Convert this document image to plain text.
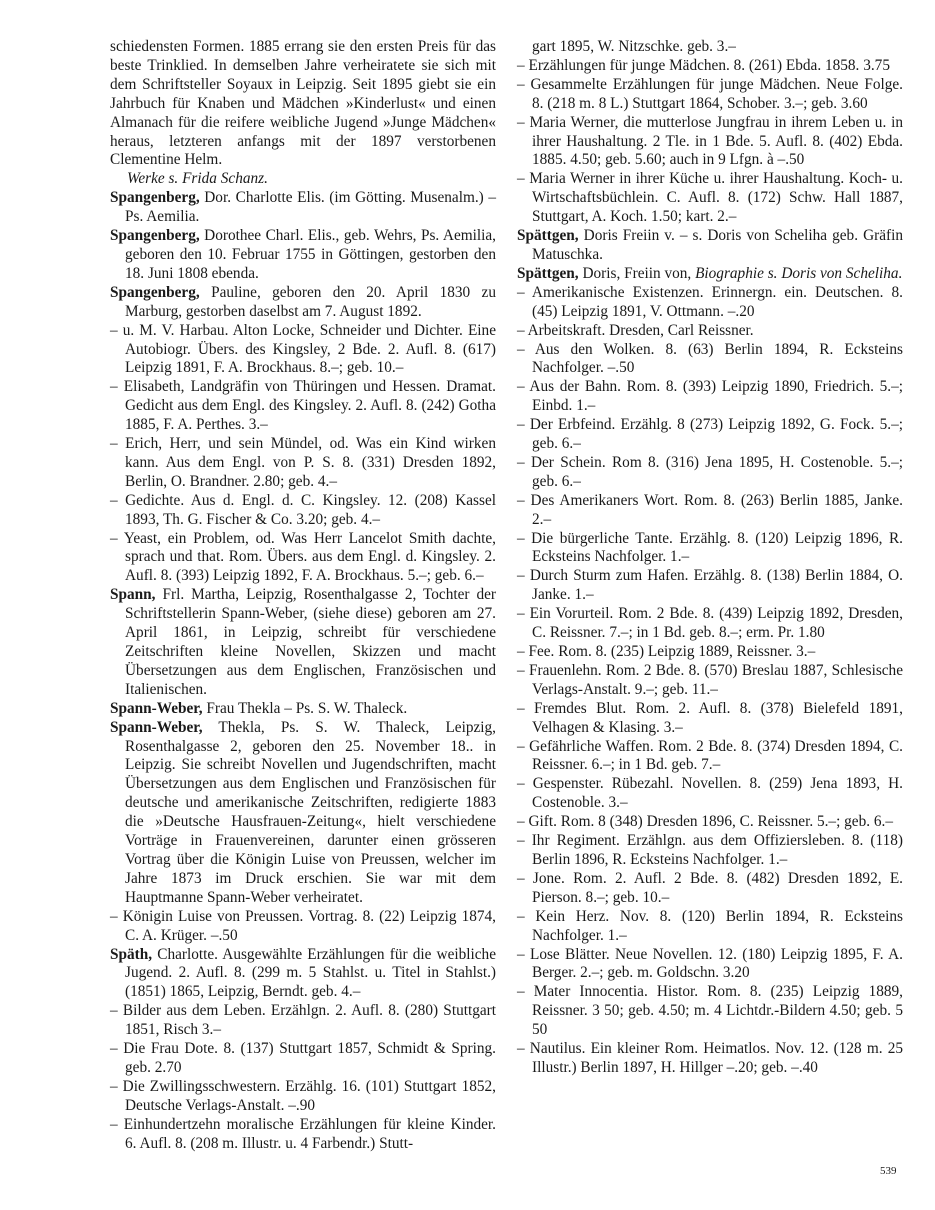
schiedensten Formen. 1885 errang sie den ersten Preis für das beste Trinklied. In demselben Jahre verheiratete sie sich mit dem Schriftsteller Soyaux in Leipzig. Seit 1895 giebt sie ein Jahrbuch für Knaben und Mädchen »Kinderlust« und einen Almanach für die reifere weibliche Jugend »Junge Mädchen« heraus, letzteren anfangs mit der 1897 verstorbenen Clementine Helm.

Werke s. Frida Schanz.

Spangenberg, Dor. Charlotte Elis. (im Götting. Musenalm.) – Ps. Aemilia.

Spangenberg, Dorothee Charl. Elis., geb. Wehrs, Ps. Aemilia, geboren den 10. Februar 1755 in Göttingen, gestorben den 18. Juni 1808 ebenda.

Spangenberg, Pauline, geboren den 20. April 1830 zu Marburg, gestorben daselbst am 7. August 1892.

– u. M. V. Harbau. Alton Locke, Schneider und Dichter. Eine Autobiogr. Übers. des Kingsley, 2 Bde. 2. Aufl. 8. (617) Leipzig 1891, F. A. Brockhaus. 8.–; geb. 10.–

– Elisabeth, Landgräfin von Thüringen und Hessen. Dramat. Gedicht aus dem Engl. des Kingsley. 2. Aufl. 8. (242) Gotha 1885, F. A. Perthes. 3.–

– Erich, Herr, und sein Mündel, od. Was ein Kind wirken kann. Aus dem Engl. von P. S. 8. (331) Dresden 1892, Berlin, O. Brandner. 2.80; geb. 4.–

– Gedichte. Aus d. Engl. d. C. Kingsley. 12. (208) Kassel 1893, Th. G. Fischer & Co. 3.20; geb. 4.–

– Yeast, ein Problem, od. Was Herr Lancelot Smith dachte, sprach und that. Rom. Übers. aus dem Engl. d. Kingsley. 2. Aufl. 8. (393) Leipzig 1892, F. A. Brockhaus. 5.–; geb. 6.–

Spann, Frl. Martha, Leipzig, Rosenthalgasse 2, Tochter der Schriftstellerin Spann-Weber, (siehe diese) geboren am 27. April 1861, in Leipzig, schreibt für verschiedene Zeitschriften kleine Novellen, Skizzen und macht Übersetzungen aus dem Englischen, Französischen und Italienischen.

Spann-Weber, Frau Thekla – Ps. S. W. Thaleck.

Spann-Weber, Thekla, Ps. S. W. Thaleck, Leipzig, Rosenthalgasse 2, geboren den 25. November 18.. in Leipzig. Sie schreibt Novellen und Jugendschriften, macht Übersetzungen aus dem Englischen und Französischen für deutsche und amerikanische Zeitschriften, redigierte 1883 die »Deutsche Hausfrauen-Zeitung«, hielt verschiedene Vorträge in Frauenvereinen, darunter einen grösseren Vortrag über die Königin Luise von Preussen, welcher im Jahre 1873 im Druck erschien. Sie war mit dem Hauptmanne Spann-Weber verheiratet.

– Königin Luise von Preussen. Vortrag. 8. (22) Leipzig 1874, C. A. Krüger. –.50

Späth, Charlotte. Ausgewählte Erzählungen für die weibliche Jugend. 2. Aufl. 8. (299 m. 5 Stahlst. u. Titel in Stahlst.) (1851) 1865, Leipzig, Berndt. geb. 4.–

– Bilder aus dem Leben. Erzählgn. 2. Aufl. 8. (280) Stuttgart 1851, Risch 3.–

– Die Frau Dote. 8. (137) Stuttgart 1857, Schmidt & Spring. geb. 2.70

– Die Zwillingsschwestern. Erzählg. 16. (101) Stuttgart 1852, Deutsche Verlags-Anstalt. –.90

– Einhundertzehn moralische Erzählungen für kleine Kinder. 6. Aufl. 8. (208 m. Illustr. u. 4 Farbendr.) Stutt-

gart 1895, W. Nitzschke. geb. 3.–

– Erzählungen für junge Mädchen. 8. (261) Ebda. 1858. 3.75

– Gesammelte Erzählungen für junge Mädchen. Neue Folge. 8. (218 m. 8 L.) Stuttgart 1864, Schober. 3.–; geb. 3.60

– Maria Werner, die mutterlose Jungfrau in ihrem Leben u. in ihrer Haushaltung. 2 Tle. in 1 Bde. 5. Aufl. 8. (402) Ebda. 1885. 4.50; geb. 5.60; auch in 9 Lfgn. à –.50

– Maria Werner in ihrer Küche u. ihrer Haushaltung. Koch- u. Wirtschaftsbüchlein. C. Aufl. 8. (172) Schw. Hall 1887, Stuttgart, A. Koch. 1.50; kart. 2.–

Spättgen, Doris Freiin v. – s. Doris von Scheliha geb. Gräfin Matuschka.

Spättgen, Doris, Freiin von, Biographie s. Doris von Scheliha.

– Amerikanische Existenzen. Erinnergn. ein. Deutschen. 8. (45) Leipzig 1891, V. Ottmann. –.20

– Arbeitskraft. Dresden, Carl Reissner.

– Aus den Wolken. 8. (63) Berlin 1894, R. Ecksteins Nachfolger. –.50

– Aus der Bahn. Rom. 8. (393) Leipzig 1890, Friedrich. 5.–; Einbd. 1.–

– Der Erbfeind. Erzählg. 8 (273) Leipzig 1892, G. Fock. 5.–; geb. 6.–

– Der Schein. Rom 8. (316) Jena 1895, H. Costenoble. 5.–; geb. 6.–

– Des Amerikaners Wort. Rom. 8. (263) Berlin 1885, Janke. 2.–

– Die bürgerliche Tante. Erzählg. 8. (120) Leipzig 1896, R. Ecksteins Nachfolger. 1.–

– Durch Sturm zum Hafen. Erzählg. 8. (138) Berlin 1884, O. Janke. 1.–

– Ein Vorurteil. Rom. 2 Bde. 8. (439) Leipzig 1892, Dresden, C. Reissner. 7.–; in 1 Bd. geb. 8.–; erm. Pr. 1.80

– Fee. Rom. 8. (235) Leipzig 1889, Reissner. 3.–

– Frauenlehn. Rom. 2 Bde. 8. (570) Breslau 1887, Schlesische Verlags-Anstalt. 9.–; geb. 11.–

– Fremdes Blut. Rom. 2. Aufl. 8. (378) Bielefeld 1891, Velhagen & Klasing. 3.–

– Gefährliche Waffen. Rom. 2 Bde. 8. (374) Dresden 1894, C. Reissner. 6.–; in 1 Bd. geb. 7.–

– Gespenster. Rübezahl. Novellen. 8. (259) Jena 1893, H. Costenoble. 3.–

– Gift. Rom. 8 (348) Dresden 1896, C. Reissner. 5.–; geb. 6.–

– Ihr Regiment. Erzählgn. aus dem Offiziersleben. 8. (118) Berlin 1896, R. Ecksteins Nachfolger. 1.–

– Jone. Rom. 2. Aufl. 2 Bde. 8. (482) Dresden 1892, E. Pierson. 8.–; geb. 10.–

– Kein Herz. Nov. 8. (120) Berlin 1894, R. Ecksteins Nachfolger. 1.–

– Lose Blätter. Neue Novellen. 12. (180) Leipzig 1895, F. A. Berger. 2.–; geb. m. Goldschn. 3.20

– Mater Innocentia. Histor. Rom. 8. (235) Leipzig 1889, Reissner. 3 50; geb. 4.50; m. 4 Lichtdr.-Bildern 4.50; geb. 5 50

– Nautilus. Ein kleiner Rom. Heimatlos. Nov. 12. (128 m. 25 Illustr.) Berlin 1897, H. Hillger –.20; geb. –.40

539
